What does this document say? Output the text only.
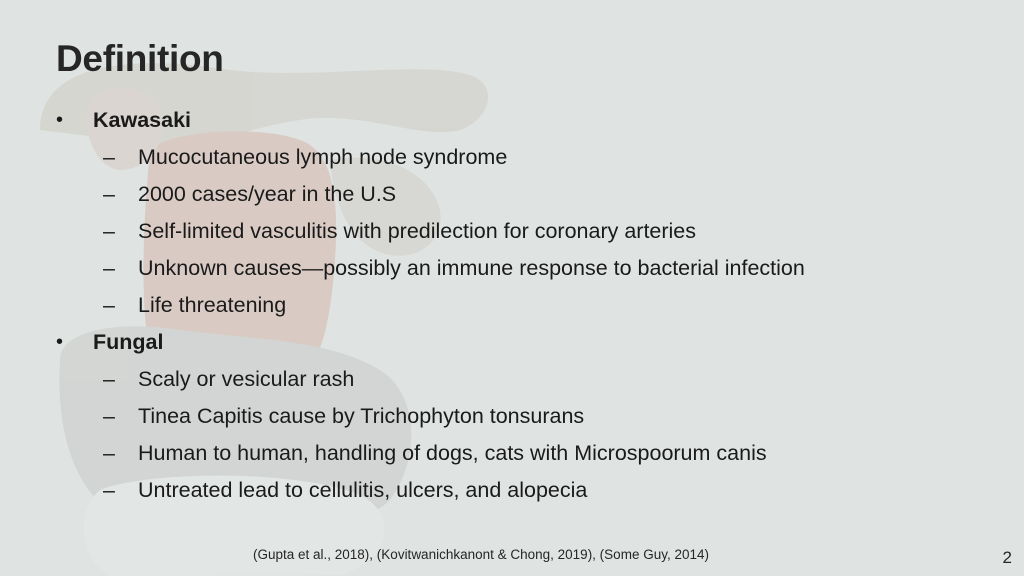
Definition
• Kawasaki
– Mucocutaneous lymph node syndrome
– 2000 cases/year in the U.S
– Self-limited vasculitis with predilection for coronary arteries
– Unknown causes—possibly an immune response to bacterial infection
– Life threatening
• Fungal
– Scaly or vesicular rash
– Tinea Capitis cause by Trichophyton tonsurans
– Human to human, handling of dogs, cats with Microspoorum canis
– Untreated lead to cellulitis, ulcers, and alopecia
(Gupta et al., 2018), (Kovitwanichkanont & Chong, 2019), (Some Guy, 2014)	2
